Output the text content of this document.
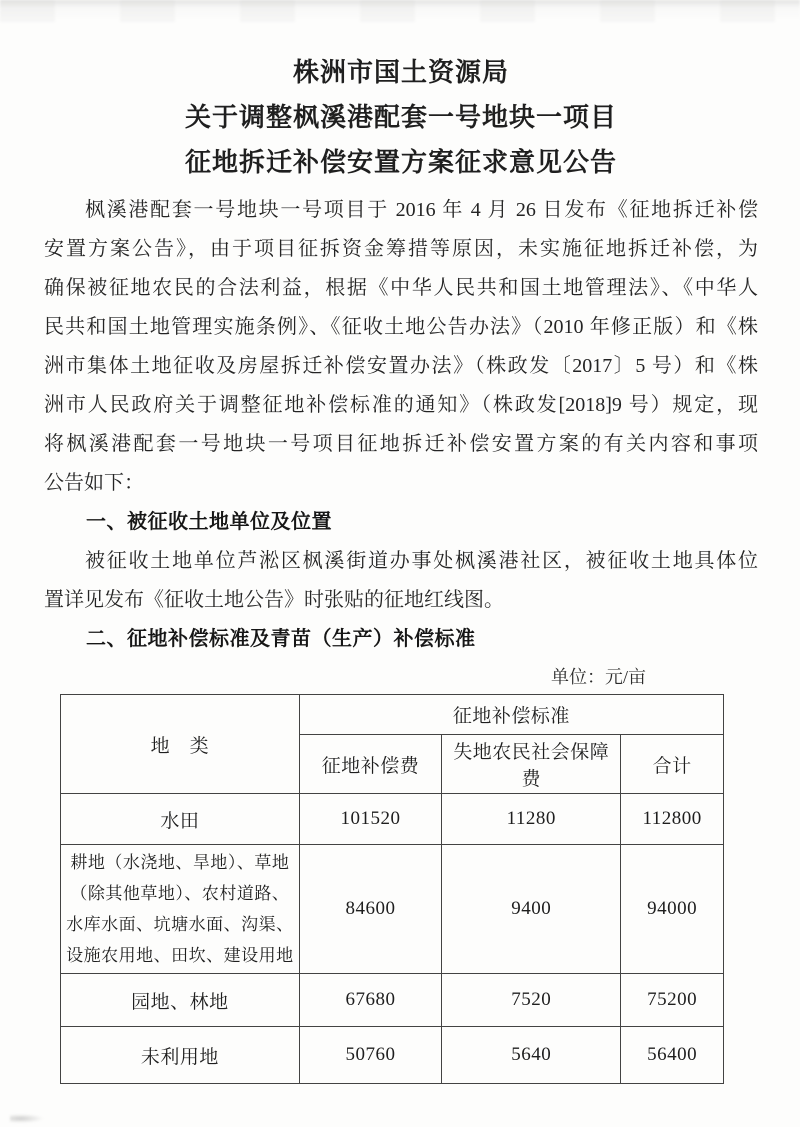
株洲市国土资源局
关于调整枫溪港配套一号地块一项目
征地拆迁补偿安置方案征求意见公告
枫溪港配套一号地块一号项目于 2016 年 4 月 26 日发布《征地拆迁补偿
安置方案公告》，由于项目征拆资金筹措等原因，未实施征地拆迁补偿，为
确保被征地农民的合法利益，根据《中华人民共和国土地管理法》、《中华人
民共和国土地管理实施条例》、《征收土地公告办法》（2010 年修正版）和《株
洲市集体土地征收及房屋拆迁补偿安置办法》（株政发〔2017〕5 号）和《株
洲市人民政府关于调整征地补偿标准的通知》（株政发[2018]9 号）规定，现
将枫溪港配套一号地块一号项目征地拆迁补偿安置方案的有关内容和事项
公告如下：
一、被征收土地单位及位置
被征收土地单位芦淞区枫溪街道办事处枫溪港社区，被征收土地具体位
置详见发布《征收土地公告》时张贴的征地红线图。
二、征地补偿标准及青苗（生产）补偿标准
单位：元/亩
地　类	征地补偿标准		
	征地补偿费	失地农民社会保障费	合计
水田	101520	11280	112800
耕地（水浇地、旱地）、草地（除其他草地）、农村道路、水库水面、坑塘水面、沟渠、设施农用地、田坎、建设用地	84600	9400	94000
园地、林地	67680	7520	75200
未利用地	50760	5640	56400
